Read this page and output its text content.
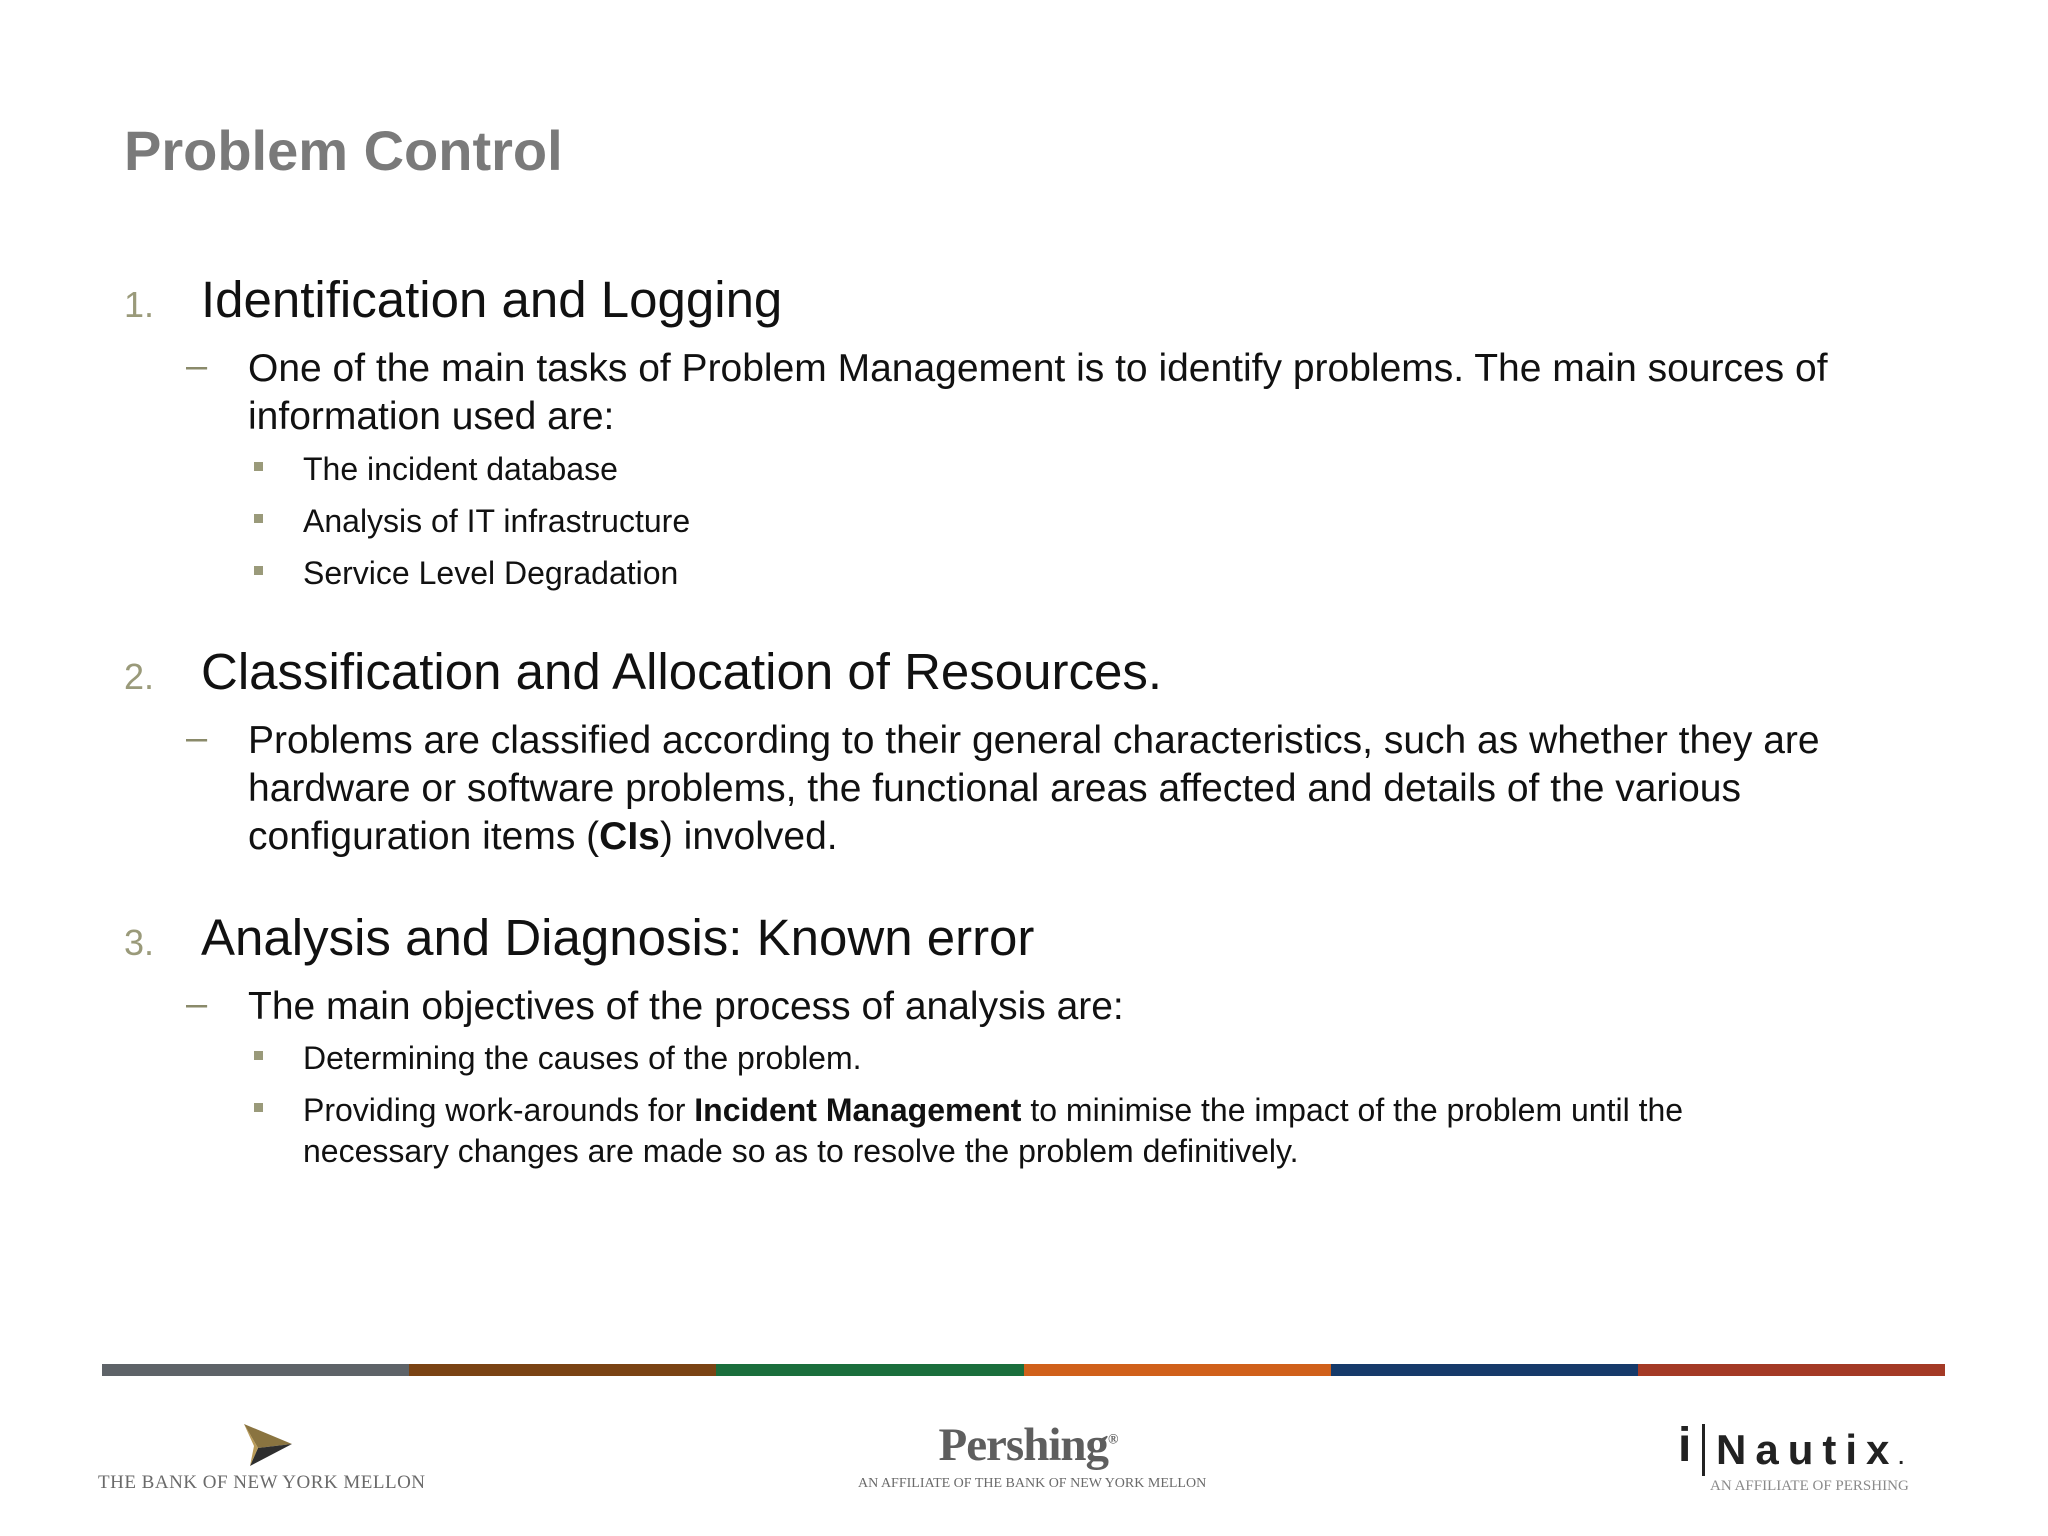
Problem Control
1. Identification and Logging
– One of the main tasks of Problem Management is to identify problems. The main sources of information used are:
The incident database
Analysis of IT infrastructure
Service Level Degradation
2. Classification and Allocation of Resources.
– Problems are classified according to their general characteristics, such as whether they are hardware or software problems, the functional areas affected and details of the various configuration items (CIs) involved.
3. Analysis and Diagnosis: Known error
– The main objectives of the process of analysis are:
Determining the causes of the problem.
Providing work-arounds for Incident Management to minimise the impact of the problem until the necessary changes are made so as to resolve the problem definitively.
THE BANK OF NEW YORK MELLON
Pershing®
AN AFFILIATE OF THE BANK OF NEW YORK MELLON
i Nautix.
AN AFFILIATE OF PERSHING
